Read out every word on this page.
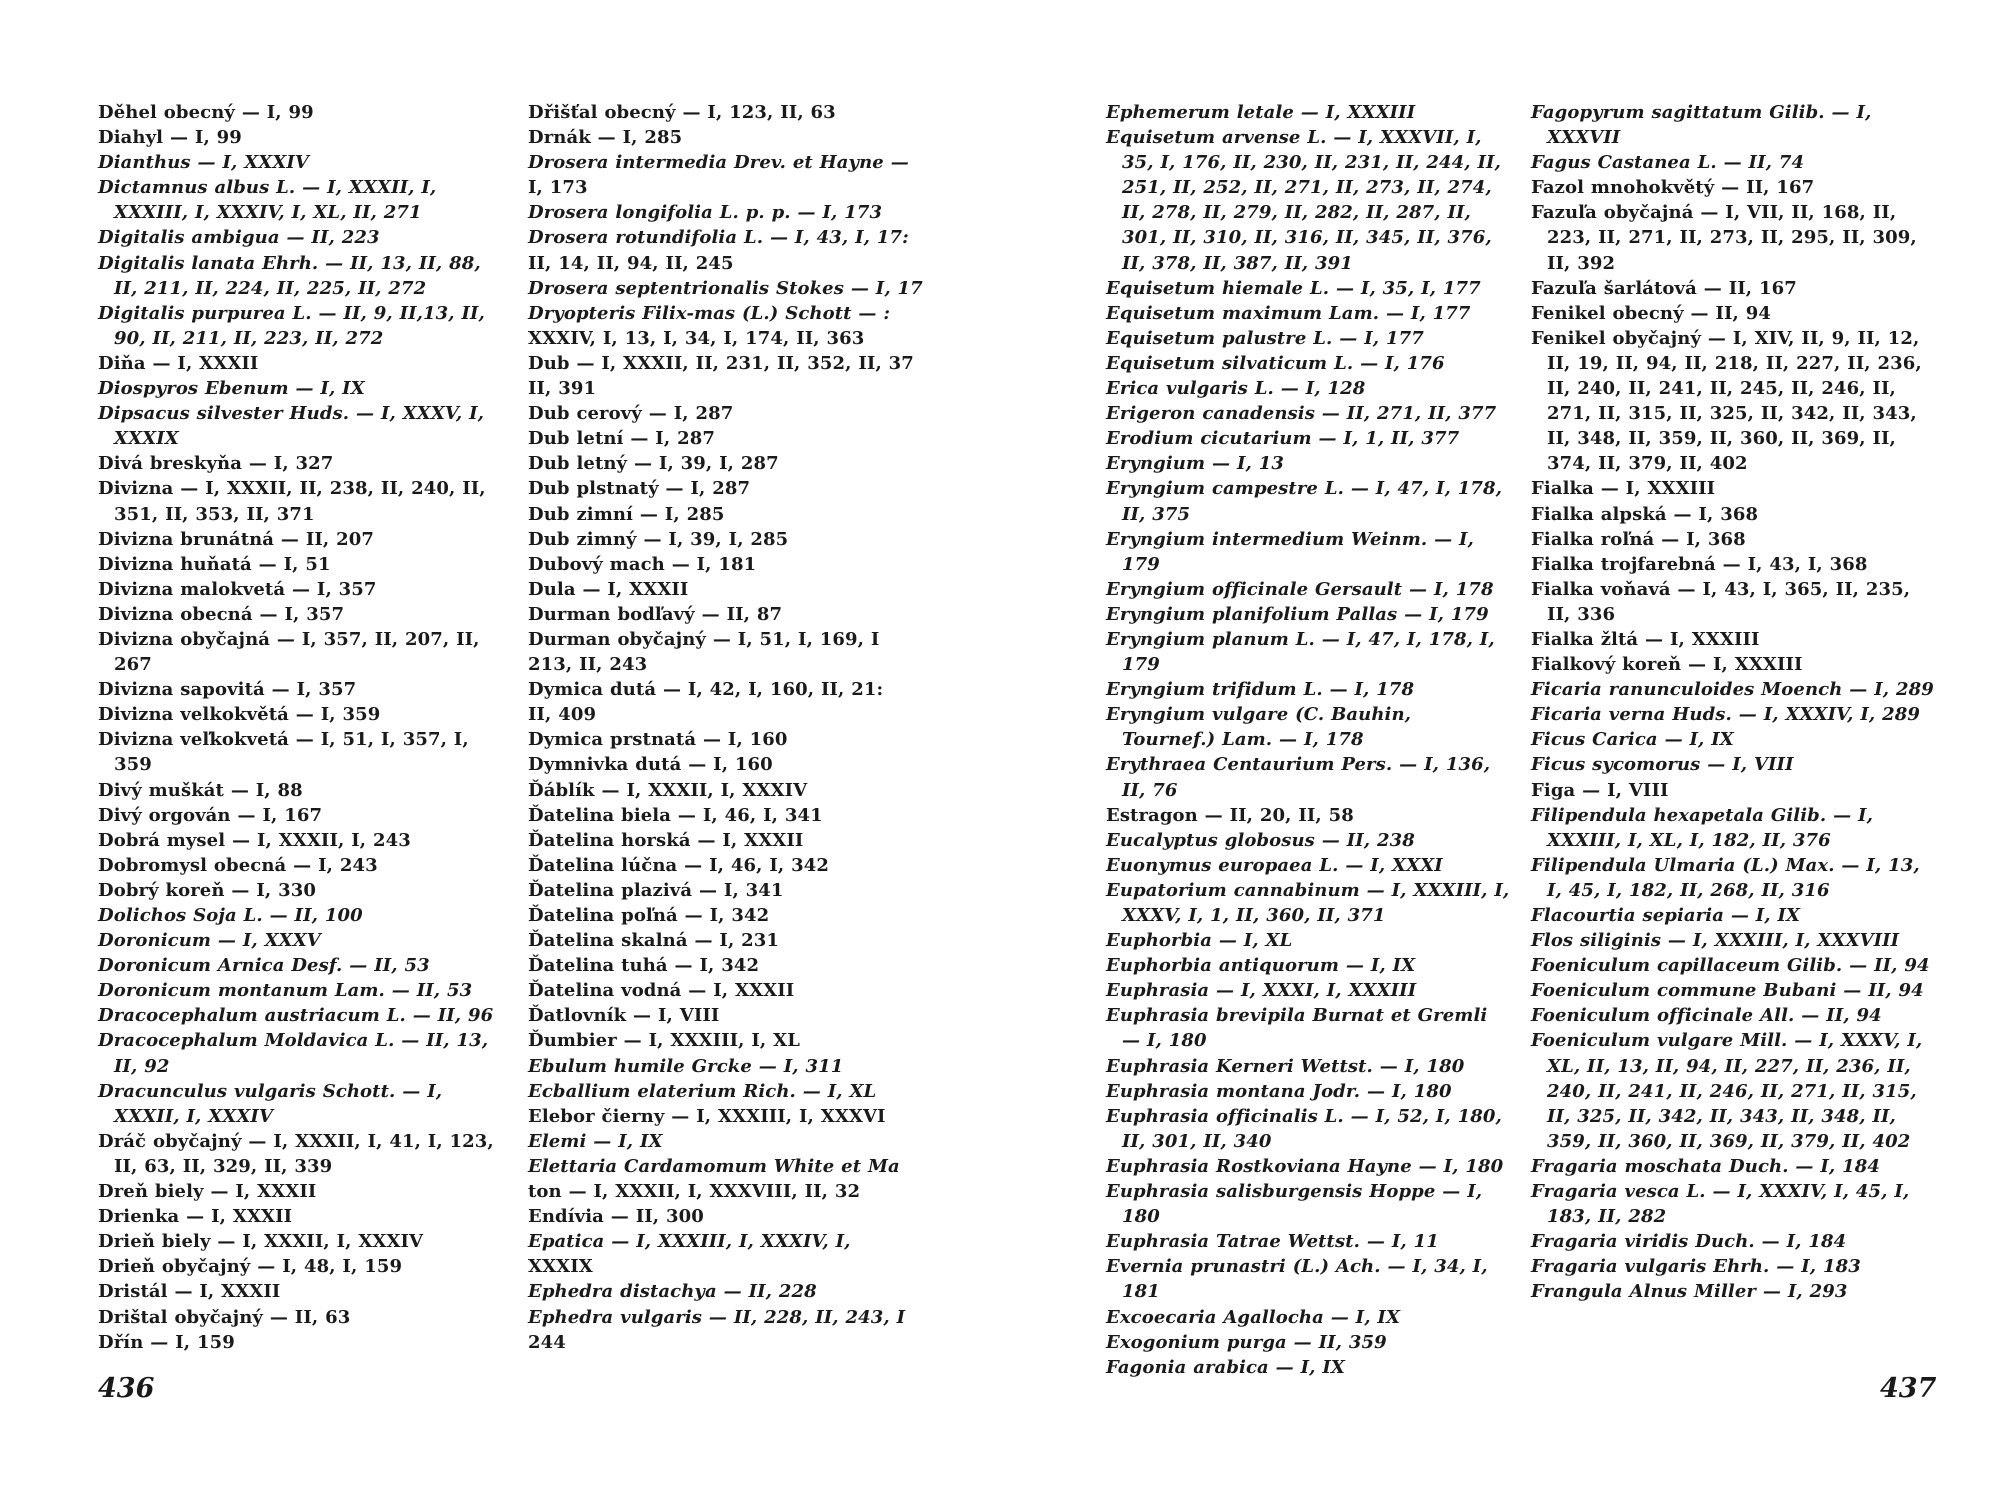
Děhel obecný — I, 99
Diahyl — I, 99
Dianthus — I, XXXIV
Dictamnus albus L. — I, XXXII, I, XXXIII, I, XXXIV, I, XL, II, 271
Digitalis ambigua — II, 223
Digitalis lanata Ehrh. — II, 13, II, 88, II, 211, II, 224, II, 225, II, 272
Digitalis purpurea L. — II, 9, II,13, II, 90, II, 211, II, 223, II, 272
Diňa — I, XXXII
Diospyros Ebenum — I, IX
Dipsacus silvester Huds. — I, XXXV, I, XXXIX
Divá breskyňa — I, 327
Divizna — I, XXXII, II, 238, II, 240, II, 351, II, 353, II, 371
Divizna brunátná — II, 207
Divizna huňatá — I, 51
Divizna malokvetá — I, 357
Divizna obecná — I, 357
Divizna obyčajná — I, 357, II, 207, II, 267
Divizna sapovitá — I, 357
Divizna velkokvětá — I, 359
Divizna veľkokvetá — I, 51, I, 357, I, 359
Divý muškát — I, 88
Divý orgován — I, 167
Dobrá mysel — I, XXXII, I, 243
Dobromysl obecná — I, 243
Dobrý koreň — I, 330
Dolichos Soja L. — II, 100
Doronicum — I, XXXV
Doronicum Arnica Desf. — II, 53
Doronicum montanum Lam. — II, 53
Dracocephalum austriacum L. — II, 96
Dracocephalum Moldavica L. — II, 13, II, 92
Dracunculus vulgaris Schott. — I, XXXII, I, XXXIV
Dráč obyčajný — I, XXXII, I, 41, I, 123, II, 63, II, 329, II, 339
Dreň biely — I, XXXII
Drienka — I, XXXII
Drieň biely — I, XXXII, I, XXXIV
Drieň obyčajný — I, 48, I, 159
Dristál — I, XXXII
Drištal obyčajný — II, 63
Dřín — I, 159
Dřišťal obecný — I, 123, II, 63
Drnák — I, 285
Drosera intermedia Drev. et Hayne —
I, 173
Drosera longifolia L. p. p. — I, 173
Drosera rotundifolia L. — I, 43, I, 17:
II, 14, II, 94, II, 245
Drosera septentrionalis Stokes — I, 17
Dryopteris Filix-mas (L.) Schott — :
XXXIV, I, 13, I, 34, I, 174, II, 363
Dub — I, XXXII, II, 231, II, 352, II, 37
II, 391
Dub cerový — I, 287
Dub letní — I, 287
Dub letný — I, 39, I, 287
Dub plstnatý — I, 287
Dub zimní — I, 285
Dub zimný — I, 39, I, 285
Dubový mach — I, 181
Dula — I, XXXII
Durman bodľavý — II, 87
Durman obyčajný — I, 51, I, 169, I
213, II, 243
Dymica dutá — I, 42, I, 160, II, 21:
II, 409
Dymica prstnatá — I, 160
Dymnivka dutá — I, 160
Ďáblík — I, XXXII, I, XXXIV
Ďatelina biela — I, 46, I, 341
Ďatelina horská — I, XXXII
Ďatelina lúčna — I, 46, I, 342
Ďatelina plazivá — I, 341
Ďatelina poľná — I, 342
Ďatelina skalná — I, 231
Ďatelina tuhá — I, 342
Ďatelina vodná — I, XXXII
Ďatlovník — I, VIII
Ďumbier — I, XXXIII, I, XL
Ebulum humile Grcke — I, 311
Ecballium elaterium Rich. — I, XL
Elebor čierny — I, XXXIII, I, XXXVI
Elemi — I, IX
Elettaria Cardamomum White et Ma
ton — I, XXXII, I, XXXVIII, II, 32
Endívia — II, 300
Epatica — I, XXXIII, I, XXXIV, I,
XXXIX
Ephedra distachya — II, 228
Ephedra vulgaris — II, 228, II, 243, I
244
Ephemerum letale — I, XXXIII
Equisetum arvense L. — I, XXXVII, I, 35, I, 176, II, 230, II, 231, II, 244, II, 251, II, 252, II, 271, II, 273, II, 274, II, 278, II, 279, II, 282, II, 287, II, 301, II, 310, II, 316, II, 345, II, 376, II, 378, II, 387, II, 391
Equisetum hiemale L. — I, 35, I, 177
Equisetum maximum Lam. — I, 177
Equisetum palustre L. — I, 177
Equisetum silvaticum L. — I, 176
Erica vulgaris L. — I, 128
Erigeron canadensis — II, 271, II, 377
Erodium cicutarium — I, 1, II, 377
Eryngium — I, 13
Eryngium campestre L. — I, 47, I, 178, II, 375
Eryngium intermedium Weinm. — I, 179
Eryngium officinale Gersault — I, 178
Eryngium planifolium Pallas — I, 179
Eryngium planum L. — I, 47, I, 178, I, 179
Eryngium trifidum L. — I, 178
Eryngium vulgare (C. Bauhin, Tournef.) Lam. — I, 178
Erythraea Centaurium Pers. — I, 136, II, 76
Estragon — II, 20, II, 58
Eucalyptus globosus — II, 238
Euonymus europaea L. — I, XXXI
Eupatorium cannabinum — I, XXXIII, I, XXXV, I, 1, II, 360, II, 371
Euphorbia — I, XL
Euphorbia antiquorum — I, IX
Euphrasia — I, XXXI, I, XXXIII
Euphrasia brevipila Burnat et Gremli — I, 180
Euphrasia Kerneri Wettst. — I, 180
Euphrasia montana Jodr. — I, 180
Euphrasia officinalis L. — I, 52, I, 180, II, 301, II, 340
Euphrasia Rostkoviana Hayne — I, 180
Euphrasia salisburgensis Hoppe — I, 180
Euphrasia Tatrae Wettst. — I, 11
Evernia prunastri (L.) Ach. — I, 34, I, 181
Excoecaria Agallocha — I, IX
Exogonium purga — II, 359
Fagonia arabica — I, IX
Fagopyrum sagittatum Gilib. — I, XXXVII
Fagus Castanea L. — II, 74
Fazol mnohokvětý — II, 167
Fazuľa obyčajná — I, VII, II, 168, II, 223, II, 271, II, 273, II, 295, II, 309, II, 392
Fazuľa šarlátová — II, 167
Fenikel obecný — II, 94
Fenikel obyčajný — I, XIV, II, 9, II, 12, II, 19, II, 94, II, 218, II, 227, II, 236, II, 240, II, 241, II, 245, II, 246, II, 271, II, 315, II, 325, II, 342, II, 343, II, 348, II, 359, II, 360, II, 369, II, 374, II, 379, II, 402
Fialka — I, XXXIII
Fialka alpská — I, 368
Fialka roľná — I, 368
Fialka trojfarebná — I, 43, I, 368
Fialka voňavá — I, 43, I, 365, II, 235, II, 336
Fialka žltá — I, XXXIII
Fialkový koreň — I, XXXIII
Ficaria ranunculoides Moench — I, 289
Ficaria verna Huds. — I, XXXIV, I, 289
Ficus Carica — I, IX
Ficus sycomorus — I, VIII
Figa — I, VIII
Filipendula hexapetala Gilib. — I, XXXIII, I, XL, I, 182, II, 376
Filipendula Ulmaria (L.) Max. — I, 13, I, 45, I, 182, II, 268, II, 316
Flacourtia sepiaria — I, IX
Flos siliginis — I, XXXIII, I, XXXVIII
Foeniculum capillaceum Gilib. — II, 94
Foeniculum commune Bubani — II, 94
Foeniculum officinale All. — II, 94
Foeniculum vulgare Mill. — I, XXXV, I, XL, II, 13, II, 94, II, 227, II, 236, II, 240, II, 241, II, 246, II, 271, II, 315, II, 325, II, 342, II, 343, II, 348, II, 359, II, 360, II, 369, II, 379, II, 402
Fragaria moschata Duch. — I, 184
Fragaria vesca L. — I, XXXIV, I, 45, I, 183, II, 282
Fragaria viridis Duch. — I, 184
Fragaria vulgaris Ehrh. — I, 183
Frangula Alnus Miller — I, 293
436	437
